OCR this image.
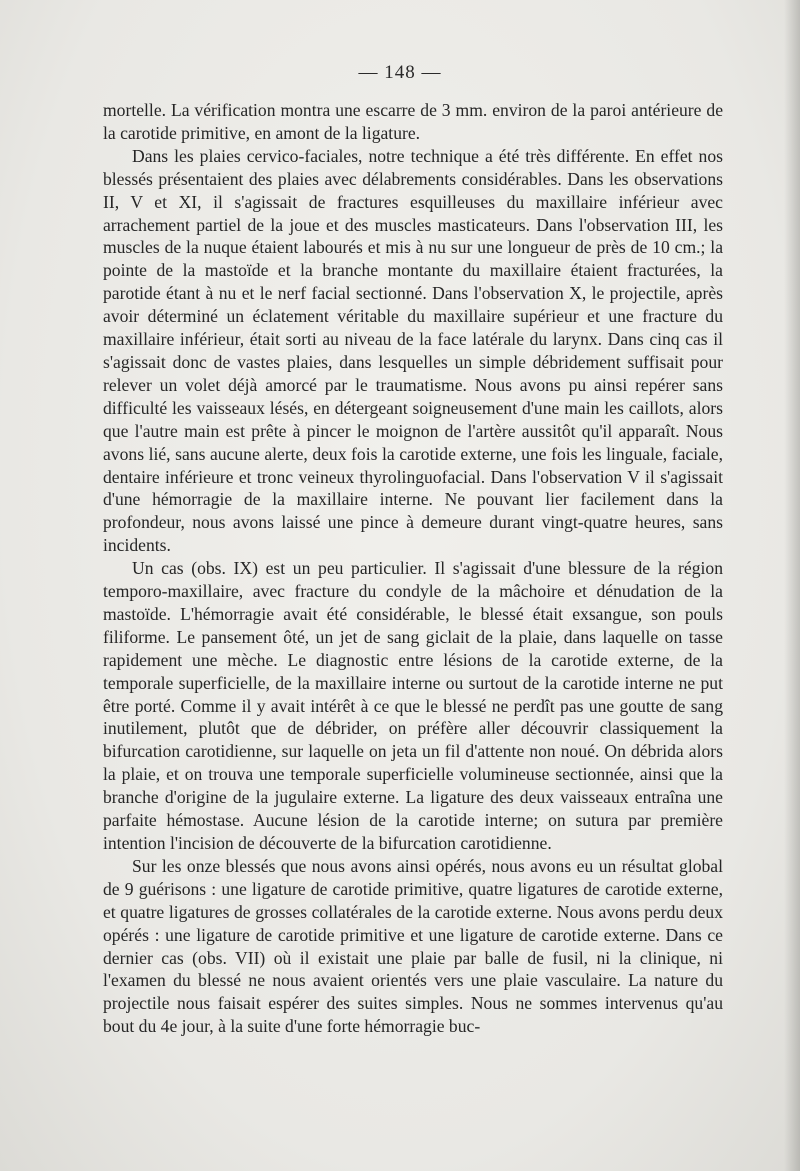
— 148 —

mortelle. La vérification montra une escarre de 3 mm. environ de la paroi antérieure de la carotide primitive, en amont de la ligature.

Dans les plaies cervico-faciales, notre technique a été très différente. En effet nos blessés présentaient des plaies avec délabrements considérables. Dans les observations II, V et XI, il s'agissait de fractures esquilleuses du maxillaire inférieur avec arrachement partiel de la joue et des muscles masticateurs. Dans l'observation III, les muscles de la nuque étaient labourés et mis à nu sur une longueur de près de 10 cm.; la pointe de la mastoïde et la branche montante du maxillaire étaient fracturées, la parotide étant à nu et le nerf facial sectionné. Dans l'observation X, le projectile, après avoir déterminé un éclatement véritable du maxillaire supérieur et une fracture du maxillaire inférieur, était sorti au niveau de la face latérale du larynx. Dans cinq cas il s'agissait donc de vastes plaies, dans lesquelles un simple débridement suffisait pour relever un volet déjà amorcé par le traumatisme. Nous avons pu ainsi repérer sans difficulté les vaisseaux lésés, en détergeant soigneusement d'une main les caillots, alors que l'autre main est prête à pincer le moignon de l'artère aussitôt qu'il apparaît. Nous avons lié, sans aucune alerte, deux fois la carotide externe, une fois les linguale, faciale, dentaire inférieure et tronc veineux thyrolinguofacial. Dans l'observation V il s'agissait d'une hémorragie de la maxillaire interne. Ne pouvant lier facilement dans la profondeur, nous avons laissé une pince à demeure durant vingt-quatre heures, sans incidents.

Un cas (obs. IX) est un peu particulier. Il s'agissait d'une blessure de la région temporo-maxillaire, avec fracture du condyle de la mâchoire et dénudation de la mastoïde. L'hémorragie avait été considérable, le blessé était exsangue, son pouls filiforme. Le pansement ôté, un jet de sang giclait de la plaie, dans laquelle on tasse rapidement une mèche. Le diagnostic entre lésions de la carotide externe, de la temporale superficielle, de la maxillaire interne ou surtout de la carotide interne ne put être porté. Comme il y avait intérêt à ce que le blessé ne perdît pas une goutte de sang inutilement, plutôt que de débrider, on préfère aller découvrir classiquement la bifurcation carotidienne, sur laquelle on jeta un fil d'attente non noué. On débrida alors la plaie, et on trouva une temporale superficielle volumineuse sectionnée, ainsi que la branche d'origine de la jugulaire externe. La ligature des deux vaisseaux entraîna une parfaite hémostase. Aucune lésion de la carotide interne; on sutura par première intention l'incision de découverte de la bifurcation carotidienne.

Sur les onze blessés que nous avons ainsi opérés, nous avons eu un résultat global de 9 guérisons : une ligature de carotide primitive, quatre ligatures de carotide externe, et quatre ligatures de grosses collatérales de la carotide externe. Nous avons perdu deux opérés : une ligature de carotide primitive et une ligature de carotide externe. Dans ce dernier cas (obs. VII) où il existait une plaie par balle de fusil, ni la clinique, ni l'examen du blessé ne nous avaient orientés vers une plaie vasculaire. La nature du projectile nous faisait espérer des suites simples. Nous ne sommes intervenus qu'au bout du 4e jour, à la suite d'une forte hémorragie buc-
